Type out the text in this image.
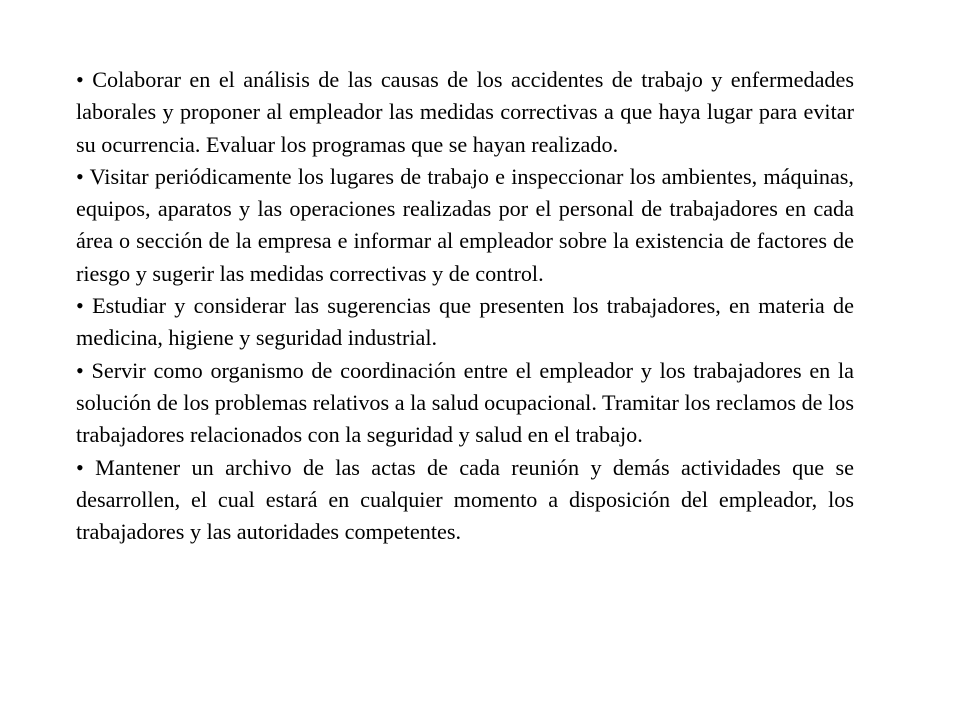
• Colaborar en el análisis de las causas de los accidentes de trabajo y enfermedades laborales y proponer al empleador las medidas correctivas a que haya lugar para evitar su ocurrencia. Evaluar los programas que se hayan realizado.

• Visitar periódicamente los lugares de trabajo e inspeccionar los ambientes, máquinas, equipos, aparatos y las operaciones realizadas por el personal de trabajadores en cada área o sección de la empresa e informar al empleador sobre la existencia de factores de riesgo y sugerir las medidas correctivas y de control.

• Estudiar y considerar las sugerencias que presenten los trabajadores, en materia de medicina, higiene y seguridad industrial.

• Servir como organismo de coordinación entre el empleador y los trabajadores en la solución de los problemas relativos a la salud ocupacional. Tramitar los reclamos de los trabajadores relacionados con la seguridad y salud en el trabajo.

• Mantener un archivo de las actas de cada reunión y demás actividades que se desarrollen, el cual estará en cualquier momento a disposición del empleador, los trabajadores y las autoridades competentes.
